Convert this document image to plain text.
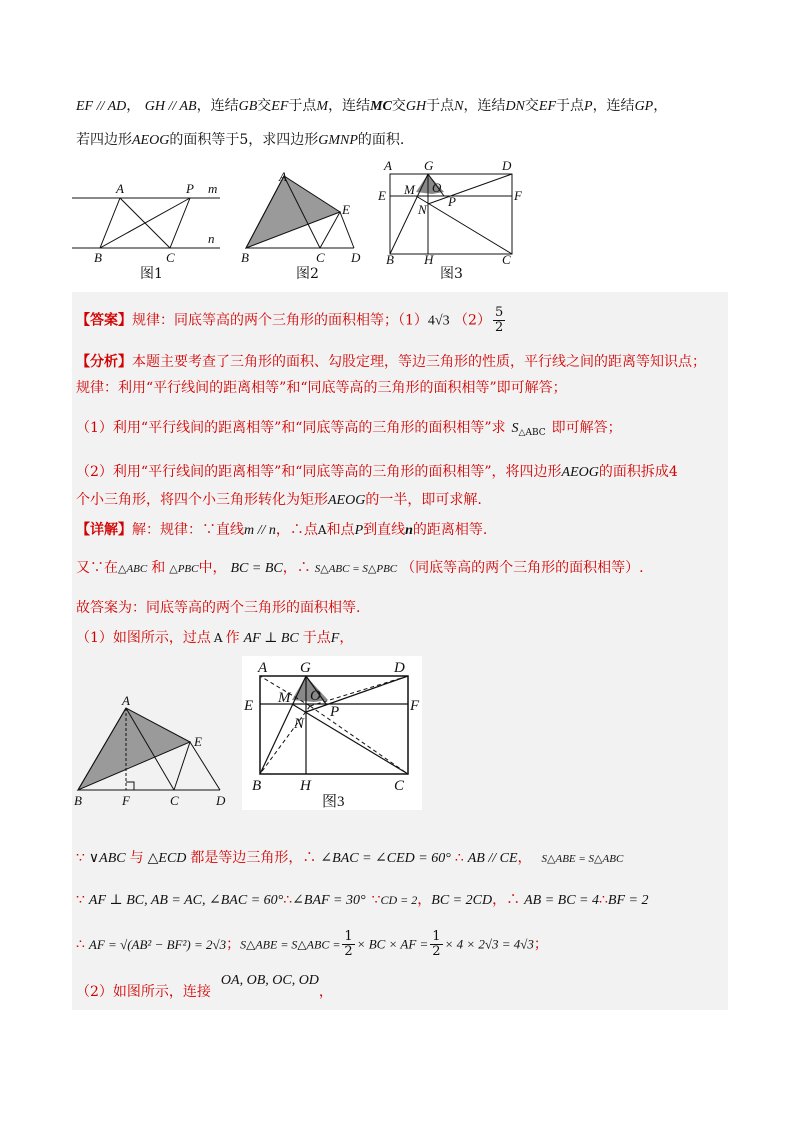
EF // AD， GH // AB，连结GB交EF于点M，连结MC交GH于点N，连结DN交EF于点P，连结GP，
若四边形AEOG的面积等于5，求四边形GMNP的面积.
A	P m
n
B	C
图1
A
E
B	C D
图2
A G	D
M O
E	F
N
P
B H	C
图3
【答案】规律：同底等高的两个三角形的面积相等；（1）4√3 $(2) \frac{5}{2}$
【分析】本题主要考查了三角形的面积、勾股定理，等边三角形的性质，平行线之间的距离等知识点；
规律：利用“平行线间的距离相等”和“同底等高的三角形的面积相等”即可解答；
（1）利用“平行线间的距离相等”和“同底等高的三角形的面积相等”求 $S_{\triangle ABC}$ 即可解答；
（2）利用“平行线间的距离相等”和“同底等高的三角形的面积相等”，将四边形AEOG的面积拆成4
个小三角形，将四个小三角形转化为矩形AEOG的一半，即可求解.
【详解】解：规律：∵直线m // n，∴点A和点P到直线n的距离相等.
又∵在△ABC 和 △PBC中， BC = BC，∴ S△ABC = S△PBC （同底等高的两个三角形的面积相等）.
故答案为：同底等高的两个三角形的面积相等.
（1）如图所示，过点 A 作 AF ⊥ BC 于点F，
A
E
B	F	C	D
A G	D
M O
E	F
N
P
B	H	C
图3
∵ ∨ABC 与 △ECD 都是等边三角形，∴ ∠BAC = ∠CED = 60° ∴ AB // CE， S△ABE = S△ABC
∵ AF ⊥ BC, AB = AC, ∠BAC = 60°∴∠BAF = 30° ∵CD = 2，BC = 2CD，∴ AB = BC = 4∴BF = 2
∴ AF = √(AB² − BF²) = 2√3；S△ABE = S△ABC = $\frac{1}{2}$ × BC × AF = $\frac{1}{2} \times 4 \times 2√3 = 4√3$；
（2）如图所示，连接OA, OB, OC, OD，
